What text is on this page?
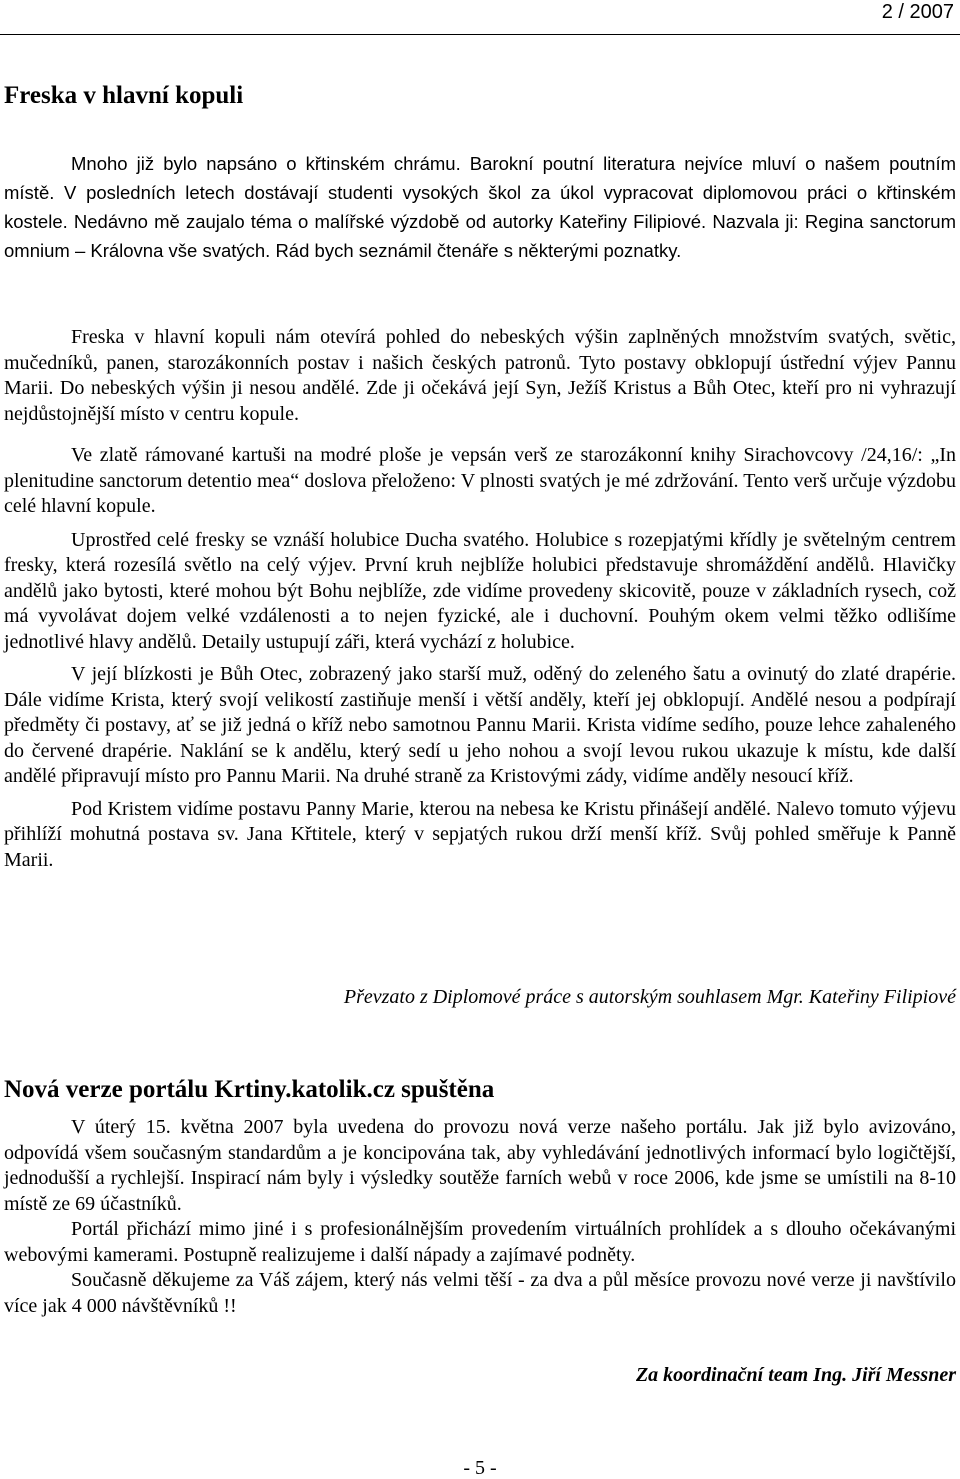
2 / 2007
Freska v hlavní kopuli

Mnoho již bylo napsáno o křtinském chrámu. Barokní poutní literatura nejvíce mluví o našem poutním místě. V posledních letech dostávají studenti vysokých škol za úkol vypracovat diplomovou práci o křtinském kostele. Nedávno mě zaujalo téma o malířské výzdobě od autorky Kateřiny Filipiové. Nazvala ji: Regina sanctorum omnium – Královna vše svatých. Rád bych seznámil čtenáře s některými poznatky.

Freska v hlavní kopuli nám otevírá pohled do nebeských výšin zaplněných množstvím svatých, světic, mučedníků, panen, starozákonních postav i našich českých patronů. Tyto postavy obklopují ústřední výjev Pannu Marii. Do nebeských výšin ji nesou andělé. Zde ji očekává její Syn, Ježíš Kristus a Bůh Otec, kteří pro ni vyhrazují nejdůstojnější místo v centru kopule.

Ve zlatě rámované kartuši na modré ploše je vepsán verš ze starozákonní knihy Sirachovcovy /24,16/: „In plenitudine sanctorum detentio mea“ doslova přeloženo: V plnosti svatých je mé zdržování. Tento verš určuje výzdobu celé hlavní kopule.

Uprostřed celé fresky se vznáší holubice Ducha svatého. Holubice s rozepjatými křídly je světelným centrem fresky, která rozesílá světlo na celý výjev. První kruh nejblíže holubici představuje shromáždění andělů. Hlavičky andělů jako bytosti, které mohou být Bohu nejblíže, zde vidíme provedeny skicovitě, pouze v základních rysech, což má vyvolávat dojem velké vzdálenosti a to nejen fyzické, ale i duchovní. Pouhým okem velmi těžko odlišíme jednotlivé hlavy andělů. Detaily ustupují záři, která vychází z holubice.

V její blízkosti je Bůh Otec, zobrazený jako starší muž, oděný do zeleného šatu a ovinutý do zlaté drapérie. Dále vidíme Krista, který svojí velikostí zastiňuje menší i větší anděly, kteří jej obklopují. Andělé nesou a podpírají předměty či postavy, ať se již jedná o kříž nebo samotnou Pannu Marii. Krista vidíme sedího, pouze lehce zahaleného do červené drapérie. Naklání se k andělu, který sedí u jeho nohou a svojí levou rukou ukazuje k místu, kde další andělé připravují místo pro Pannu Marii. Na druhé straně za Kristovými zády, vidíme anděly nesoucí kříž.

Pod Kristem vidíme postavu Panny Marie, kterou na nebesa ke Kristu přinášejí andělé. Nalevo tomuto výjevu přihlíží mohutná postava sv. Jana Křtitele, který v sepjatých rukou drží menší kříž. Svůj pohled směřuje k Panně Marii.

Převzato z Diplomové práce s autorským souhlasem Mgr. Kateřiny Filipiové
Nová verze portálu Krtiny.katolik.cz spuštěna

V úterý 15. května 2007 byla uvedena do provozu nová verze našeho portálu. Jak již bylo avizováno, odpovídá všem současným standardům a je koncipována tak, aby vyhledávání jednotlivých informací bylo logičtější, jednodušší a rychlejší. Inspirací nám byly i výsledky soutěže farních webů v roce 2006, kde jsme se umístili na 8-10 místě ze 69 účastníků.

Portál přichází mimo jiné i s profesionálnějším provedením virtuálních prohlídek a s dlouho očekávanými webovými kamerami. Postupně realizujeme i další nápady a zajímavé podněty.

Současně děkujeme za Váš zájem, který nás velmi těší - za dva a půl měsíce provozu nové verze ji navštívilo více jak 4 000 návštěvníků !!

Za koordinační team Ing. Jiří Messner
- 5 -
